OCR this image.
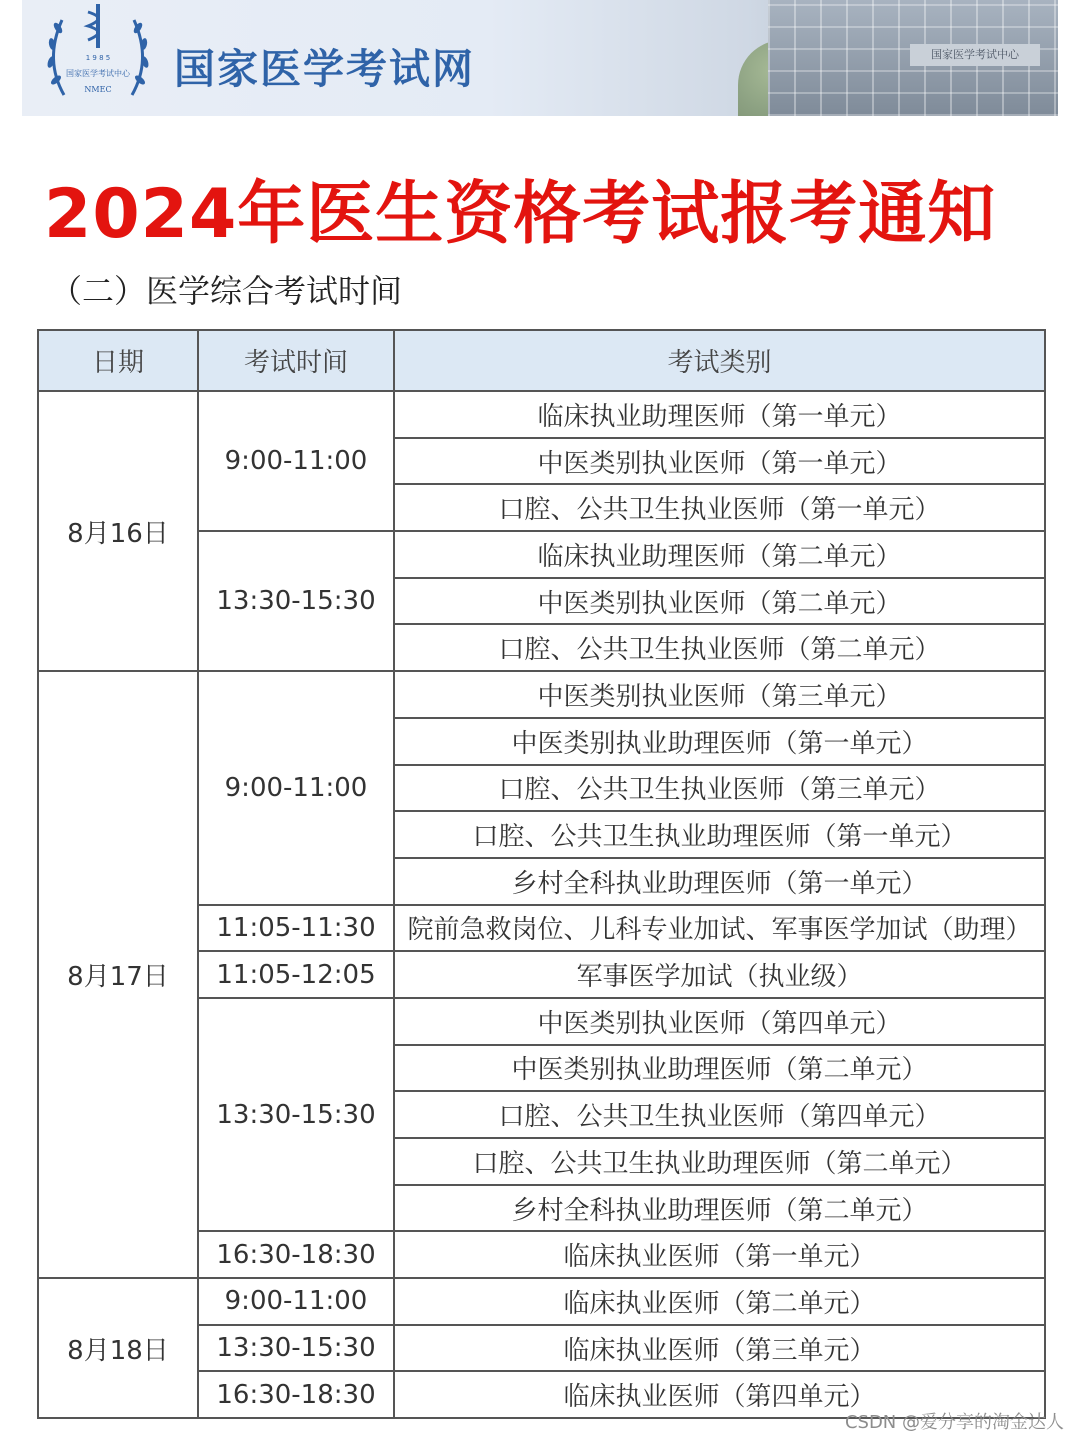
国家医学考试中心
1 9 8 5
国家医学考试中心
NMEC 国家医学考试网
2024年医生资格考试报考通知
（二）医学综合考试时间
日期	考试时间	考试类别
8月16日	9:00-11:00	临床执业助理医师（第一单元）
		中医类别执业医师（第一单元）
		口腔、公共卫生执业医师（第一单元）
	13:30-15:30	临床执业助理医师（第二单元）
		中医类别执业医师（第二单元）
		口腔、公共卫生执业医师（第二单元）
8月17日	9:00-11:00	中医类别执业医师（第三单元）
		中医类别执业助理医师（第一单元）
		口腔、公共卫生执业医师（第三单元）
		口腔、公共卫生执业助理医师（第一单元）
		乡村全科执业助理医师（第一单元）
	11:05-11:30	院前急救岗位、儿科专业加试、军事医学加试（助理）
	11:05-12:05	军事医学加试（执业级）
	13:30-15:30	中医类别执业医师（第四单元）
		中医类别执业助理医师（第二单元）
		口腔、公共卫生执业医师（第四单元）
		口腔、公共卫生执业助理医师（第二单元）
		乡村全科执业助理医师（第二单元）
	16:30-18:30	临床执业医师（第一单元）
8月18日	9:00-11:00	临床执业医师（第二单元）
	13:30-15:30	临床执业医师（第三单元）
	16:30-18:30	临床执业医师（第四单元）
CSDN @爱分享的淘金达人
